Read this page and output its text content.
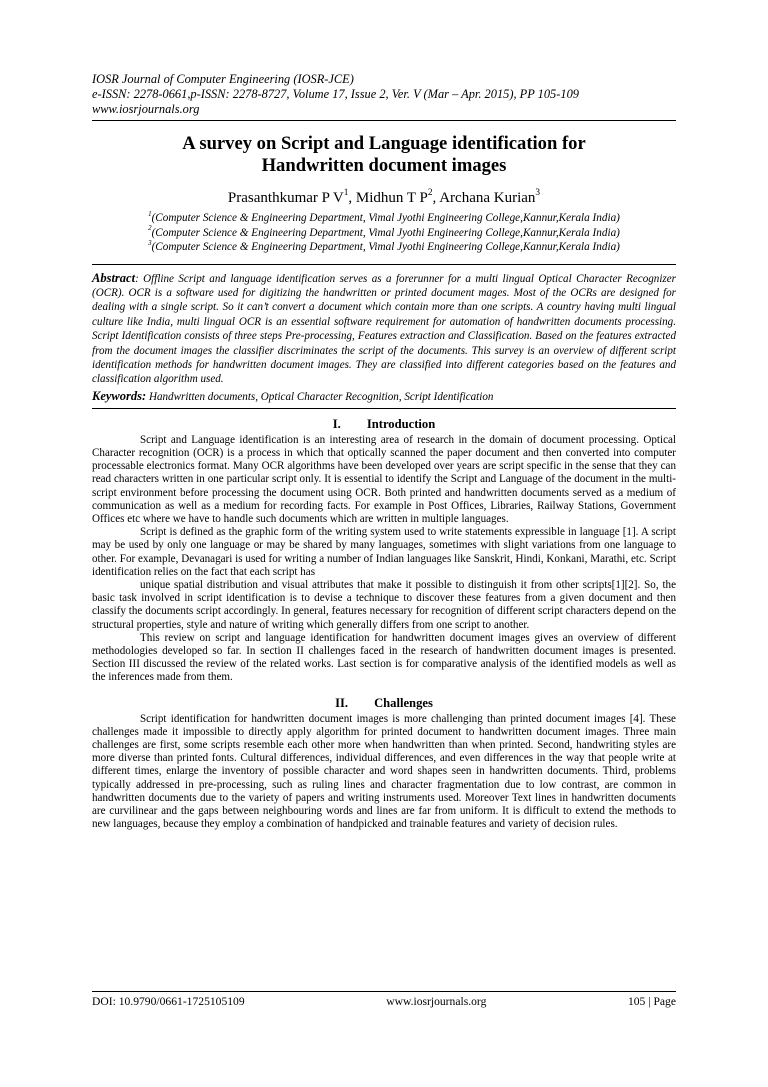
IOSR Journal of Computer Engineering (IOSR-JCE)
e-ISSN: 2278-0661,p-ISSN: 2278-8727, Volume 17, Issue 2, Ver. V (Mar – Apr. 2015), PP 105-109
www.iosrjournals.org
A survey on Script and Language identification for
Handwritten document images
Prasanthkumar P $V^1$, Midhun T $P^2$, Archana Kurian$^3$
$^1$(Computer Science & Engineering Department, Vimal Jyothi Engineering College,Kannur,Kerala India)
$^2$(Computer Science & Engineering Department, Vimal Jyothi Engineering College,Kannur,Kerala India)
$^3$(Computer Science & Engineering Department, Vimal Jyothi Engineering College,Kannur,Kerala India)
Abstract: Offline Script and language identification serves as a forerunner for a multi lingual Optical Character Recognizer (OCR). OCR is a software used for digitizing the handwritten or printed document mages. Most of the OCRs are designed for dealing with a single script. So it can’t convert a document which contain more than one scripts. A country having multi lingual culture like India, multi lingual OCR is an essential software requirement for automation of handwritten documents processing. Script Identification consists of three steps Pre-processing, Features extraction and Classification. Based on the features extracted from the document images the classifier discriminates the script of the documents. This survey is an overview of different script identification methods for handwritten document images. They are classified into different categories based on the features and classification algorithm used.
Keywords: Handwritten documents, Optical Character Recognition, Script Identification
I. Introduction

Script and Language identification is an interesting area of research in the domain of document processing. Optical Character recognition (OCR) is a process in which that optically scanned the paper document and then converted into computer processable electronics format. Many OCR algorithms have been developed over years are script specific in the sense that they can read characters written in one particular script only. It is essential to identify the Script and Language of the document in the multi-script environment before processing the document using OCR. Both printed and handwritten documents served as a medium of communication as well as a medium for recording facts. For example in Post Offices, Libraries, Railway Stations, Government Offices etc where we have to handle such documents which are written in multiple languages.

Script is defined as the graphic form of the writing system used to write statements expressible in language [1]. A script may be used by only one language or may be shared by many languages, sometimes with slight variations from one language to other. For example, Devanagari is used for writing a number of Indian languages like Sanskrit, Hindi, Konkani, Marathi, etc. Script identification relies on the fact that each script has

unique spatial distribution and visual attributes that make it possible to distinguish it from other scripts[1][2]. So, the basic task involved in script identification is to devise a technique to discover these features from a given document and then classify the documents script accordingly. In general, features necessary for recognition of different script characters depend on the structural properties, style and nature of writing which generally differs from one script to another.

This review on script and language identification for handwritten document images gives an overview of different methodologies developed so far. In section II challenges faced in the research of handwritten document images is presented. Section III discussed the review of the related works. Last section is for comparative analysis of the identified models as well as the inferences made from them.

II. Challenges

Script identification for handwritten document images is more challenging than printed document images [4]. These challenges made it impossible to directly apply algorithm for printed document to handwritten document images. Three main challenges are first, some scripts resemble each other more when handwritten than when printed. Second, handwriting styles are more diverse than printed fonts. Cultural differences, individual differences, and even differences in the way that people write at different times, enlarge the inventory of possible character and word shapes seen in handwritten documents. Third, problems typically addressed in pre-processing, such as ruling lines and character fragmentation due to low contrast, are common in handwritten documents due to the variety of papers and writing instruments used. Moreover Text lines in handwritten documents are curvilinear and the gaps between neighbouring words and lines are far from uniform. It is difficult to extend the methods to new languages, because they employ a combination of handpicked and trainable features and variety of decision rules.

DOI: 10.9790/0661-1725105109	www.iosrjournals.org	105 | Page
